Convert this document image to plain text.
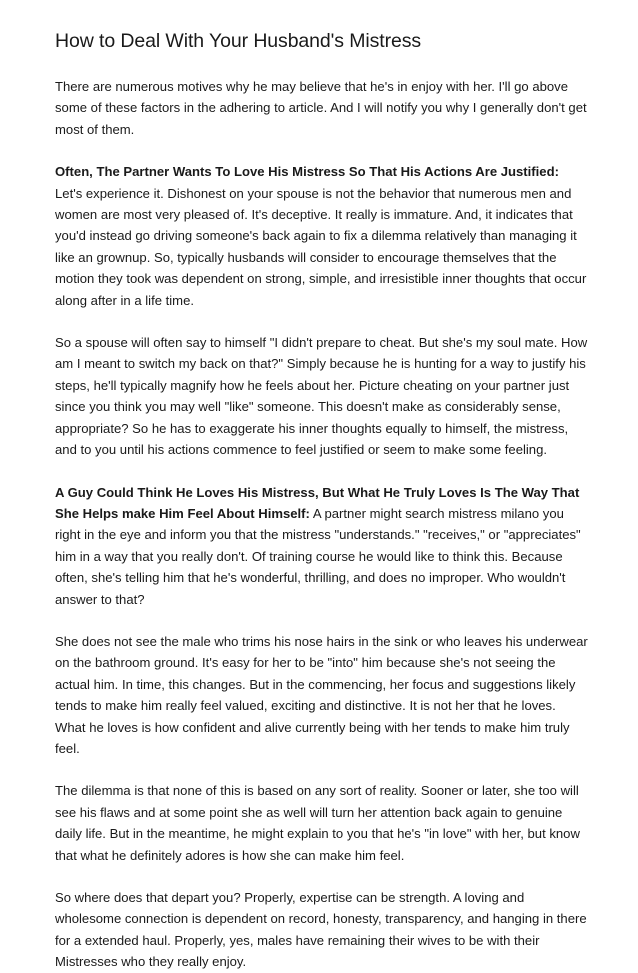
How to Deal With Your Husband's Mistress

There are numerous motives why he may believe that he's in enjoy with her. I'll go above some of these factors in the adhering to article. And I will notify you why I generally don't get most of them.

Often, The Partner Wants To Love His Mistress So That His Actions Are Justified: Let's experience it. Dishonest on your spouse is not the behavior that numerous men and women are most very pleased of. It's deceptive. It really is immature. And, it indicates that you'd instead go driving someone's back again to fix a dilemma relatively than managing it like an grownup. So, typically husbands will consider to encourage themselves that the motion they took was dependent on strong, simple, and irresistible inner thoughts that occur along after in a life time.

So a spouse will often say to himself "I didn't prepare to cheat. But she's my soul mate. How am I meant to switch my back on that?" Simply because he is hunting for a way to justify his steps, he'll typically magnify how he feels about her. Picture cheating on your partner just since you think you may well "like" someone. This doesn't make as considerably sense, appropriate? So he has to exaggerate his inner thoughts equally to himself, the mistress, and to you until his actions commence to feel justified or seem to make some feeling.

A Guy Could Think He Loves His Mistress, But What He Truly Loves Is The Way That She Helps make Him Feel About Himself: A partner might search mistress milano you right in the eye and inform you that the mistress "understands." "receives," or "appreciates" him in a way that you really don't. Of training course he would like to think this. Because often, she's telling him that he's wonderful, thrilling, and does no improper. Who wouldn't answer to that?

She does not see the male who trims his nose hairs in the sink or who leaves his underwear on the bathroom ground. It's easy for her to be "into" him because she's not seeing the actual him. In time, this changes. But in the commencing, her focus and suggestions likely tends to make him really feel valued, exciting and distinctive. It is not her that he loves. What he loves is how confident and alive currently being with her tends to make him truly feel.

The dilemma is that none of this is based on any sort of reality. Sooner or later, she too will see his flaws and at some point she as well will turn her attention back again to genuine daily life. But in the meantime, he might explain to you that he's "in love" with her, but know that what he definitely adores is how she can make him feel.

So where does that depart you? Properly, expertise can be strength. A loving and wholesome connection is dependent on record, honesty, transparency, and hanging in there for a extended haul. Properly, yes, males have remaining their wives to be with their Mistresses who they really enjoy.
